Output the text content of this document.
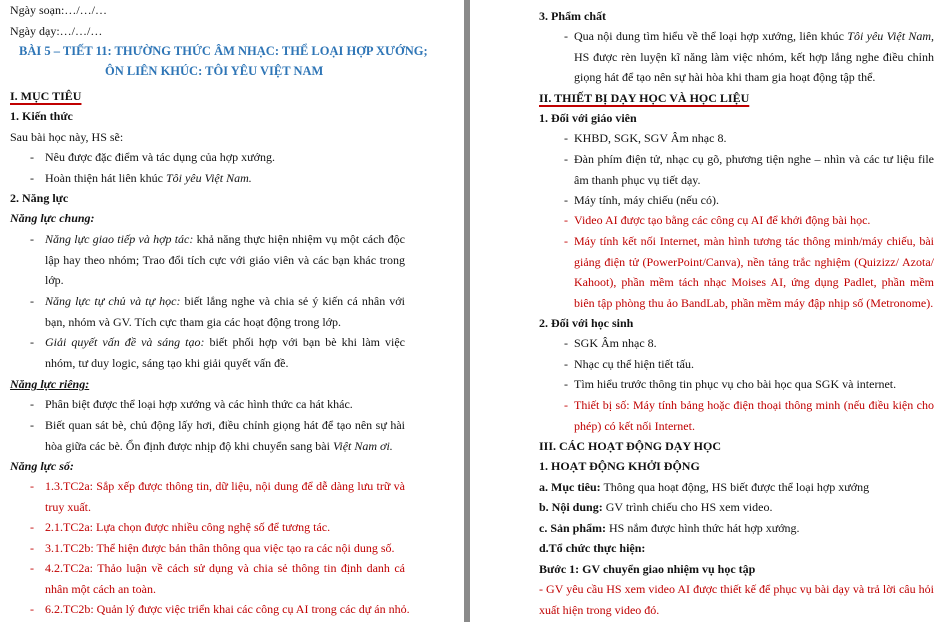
Ngày soạn:…/…/…
Ngày dạy:…/…/…
BÀI 5 – TIẾT 11: THƯỜNG THỨC ÂM NHẠC: THỂ LOẠI HỢP XƯỚNG;
ÔN LIÊN KHÚC: TÔI YÊU VIỆT NAM
I. MỤC TIÊU
1. Kiến thức
Sau bài học này, HS sẽ:
- Nêu được đặc điểm và tác dụng của hợp xướng.
- Hoàn thiện hát liên khúc Tôi yêu Việt Nam.
2. Năng lực
Năng lực chung:
- Năng lực giao tiếp và hợp tác: khả năng thực hiện nhiệm vụ một cách độc lập hay theo nhóm; Trao đổi tích cực với giáo viên và các bạn khác trong lớp.
- Năng lực tự chủ và tự học: biết lắng nghe và chia sẻ ý kiến cá nhân với bạn, nhóm và GV. Tích cực tham gia các hoạt động trong lớp.
- Giải quyết vấn đề và sáng tạo: biết phối hợp với bạn bè khi làm việc nhóm, tư duy logic, sáng tạo khi giải quyết vấn đề.
Năng lực riêng:
- Phân biệt được thể loại hợp xướng và các hình thức ca hát khác.
- Biết quan sát bè, chủ động lấy hơi, điều chỉnh giọng hát để tạo nên sự hài hòa giữa các bè. Ổn định được nhịp độ khi chuyển sang bài Việt Nam ơi.
Năng lực số:
- 1.3.TC2a: Sắp xếp được thông tin, dữ liệu, nội dung để dễ dàng lưu trữ và truy xuất.
- 2.1.TC2a: Lựa chọn được nhiều công nghệ số để tương tác.
- 3.1.TC2b: Thể hiện được bản thân thông qua việc tạo ra các nội dung số.
- 4.2.TC2a: Thảo luận về cách sử dụng và chia sẻ thông tin định danh cá nhân một cách an toàn.
- 6.2.TC2b: Quản lý được việc triển khai các công cụ AI trong các dự án nhỏ.
3. Phẩm chất
- Qua nội dung tìm hiểu về thể loại hợp xướng, liên khúc Tôi yêu Việt Nam, HS được rèn luyện kĩ năng làm việc nhóm, kết hợp lắng nghe điều chỉnh giọng hát để tạo nên sự hài hòa khi tham gia hoạt động tập thể.
II. THIẾT BỊ DẠY HỌC VÀ HỌC LIỆU
1. Đối với giáo viên
- KHBD, SGK, SGV Âm nhạc 8.
- Đàn phím điện tử, nhạc cụ gõ, phương tiện nghe – nhìn và các tư liệu file âm thanh phục vụ tiết dạy.
- Máy tính, máy chiếu (nếu có).
- Video AI được tạo bằng các công cụ AI để khởi động bài học.
- Máy tính kết nối Internet, màn hình tương tác thông minh/máy chiếu, bài giảng điện tử (PowerPoint/Canva), nền tảng trắc nghiệm (Quizizz/ Azota/ Kahoot), phần mềm tách nhạc Moises AI, ứng dụng Padlet, phần mềm biên tập phòng thu ảo BandLab, phần mềm máy đập nhịp số (Metronome).
2. Đối với học sinh
- SGK Âm nhạc 8.
- Nhạc cụ thể hiện tiết tấu.
- Tìm hiểu trước thông tin phục vụ cho bài học qua SGK và internet.
- Thiết bị số: Máy tính bảng hoặc điện thoại thông minh (nếu điều kiện cho phép) có kết nối Internet.
III. CÁC HOẠT ĐỘNG DẠY HỌC
1. HOẠT ĐỘNG KHỞI ĐỘNG
a. Mục tiêu: Thông qua hoạt động, HS biết được thể loại hợp xướng
b. Nội dung: GV trình chiếu cho HS xem video.
c. Sản phẩm: HS nắm được hình thức hát hợp xướng.
d.Tổ chức thực hiện:
Bước 1: GV chuyển giao nhiệm vụ học tập
- GV yêu cầu HS xem video AI được thiết kế để phục vụ bài dạy và trả lời câu hỏi xuất hiện trong video đó.
